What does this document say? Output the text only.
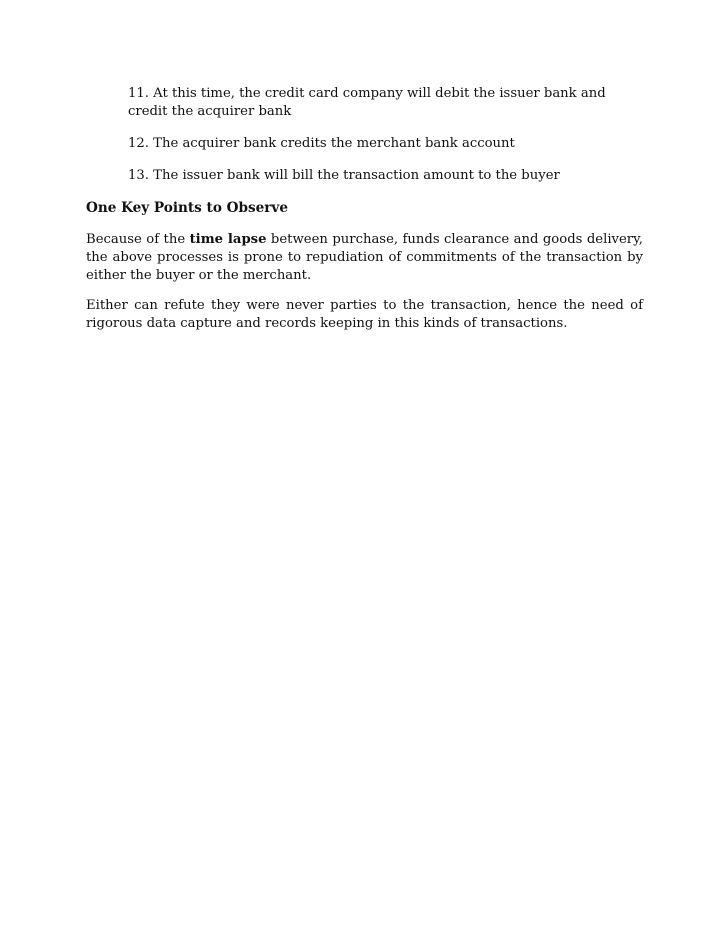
11. At this time, the credit card company will debit the issuer bank and credit the acquirer bank
12. The acquirer bank credits the merchant bank account
13. The issuer bank will bill the transaction amount to the buyer
One Key Points to Observe
Because of the time lapse between purchase, funds clearance and goods delivery, the above processes is prone to repudiation of commitments of the transaction by either the buyer or the merchant.
Either can refute they were never parties to the transaction, hence the need of rigorous data capture and records keeping in this kinds of transactions.
